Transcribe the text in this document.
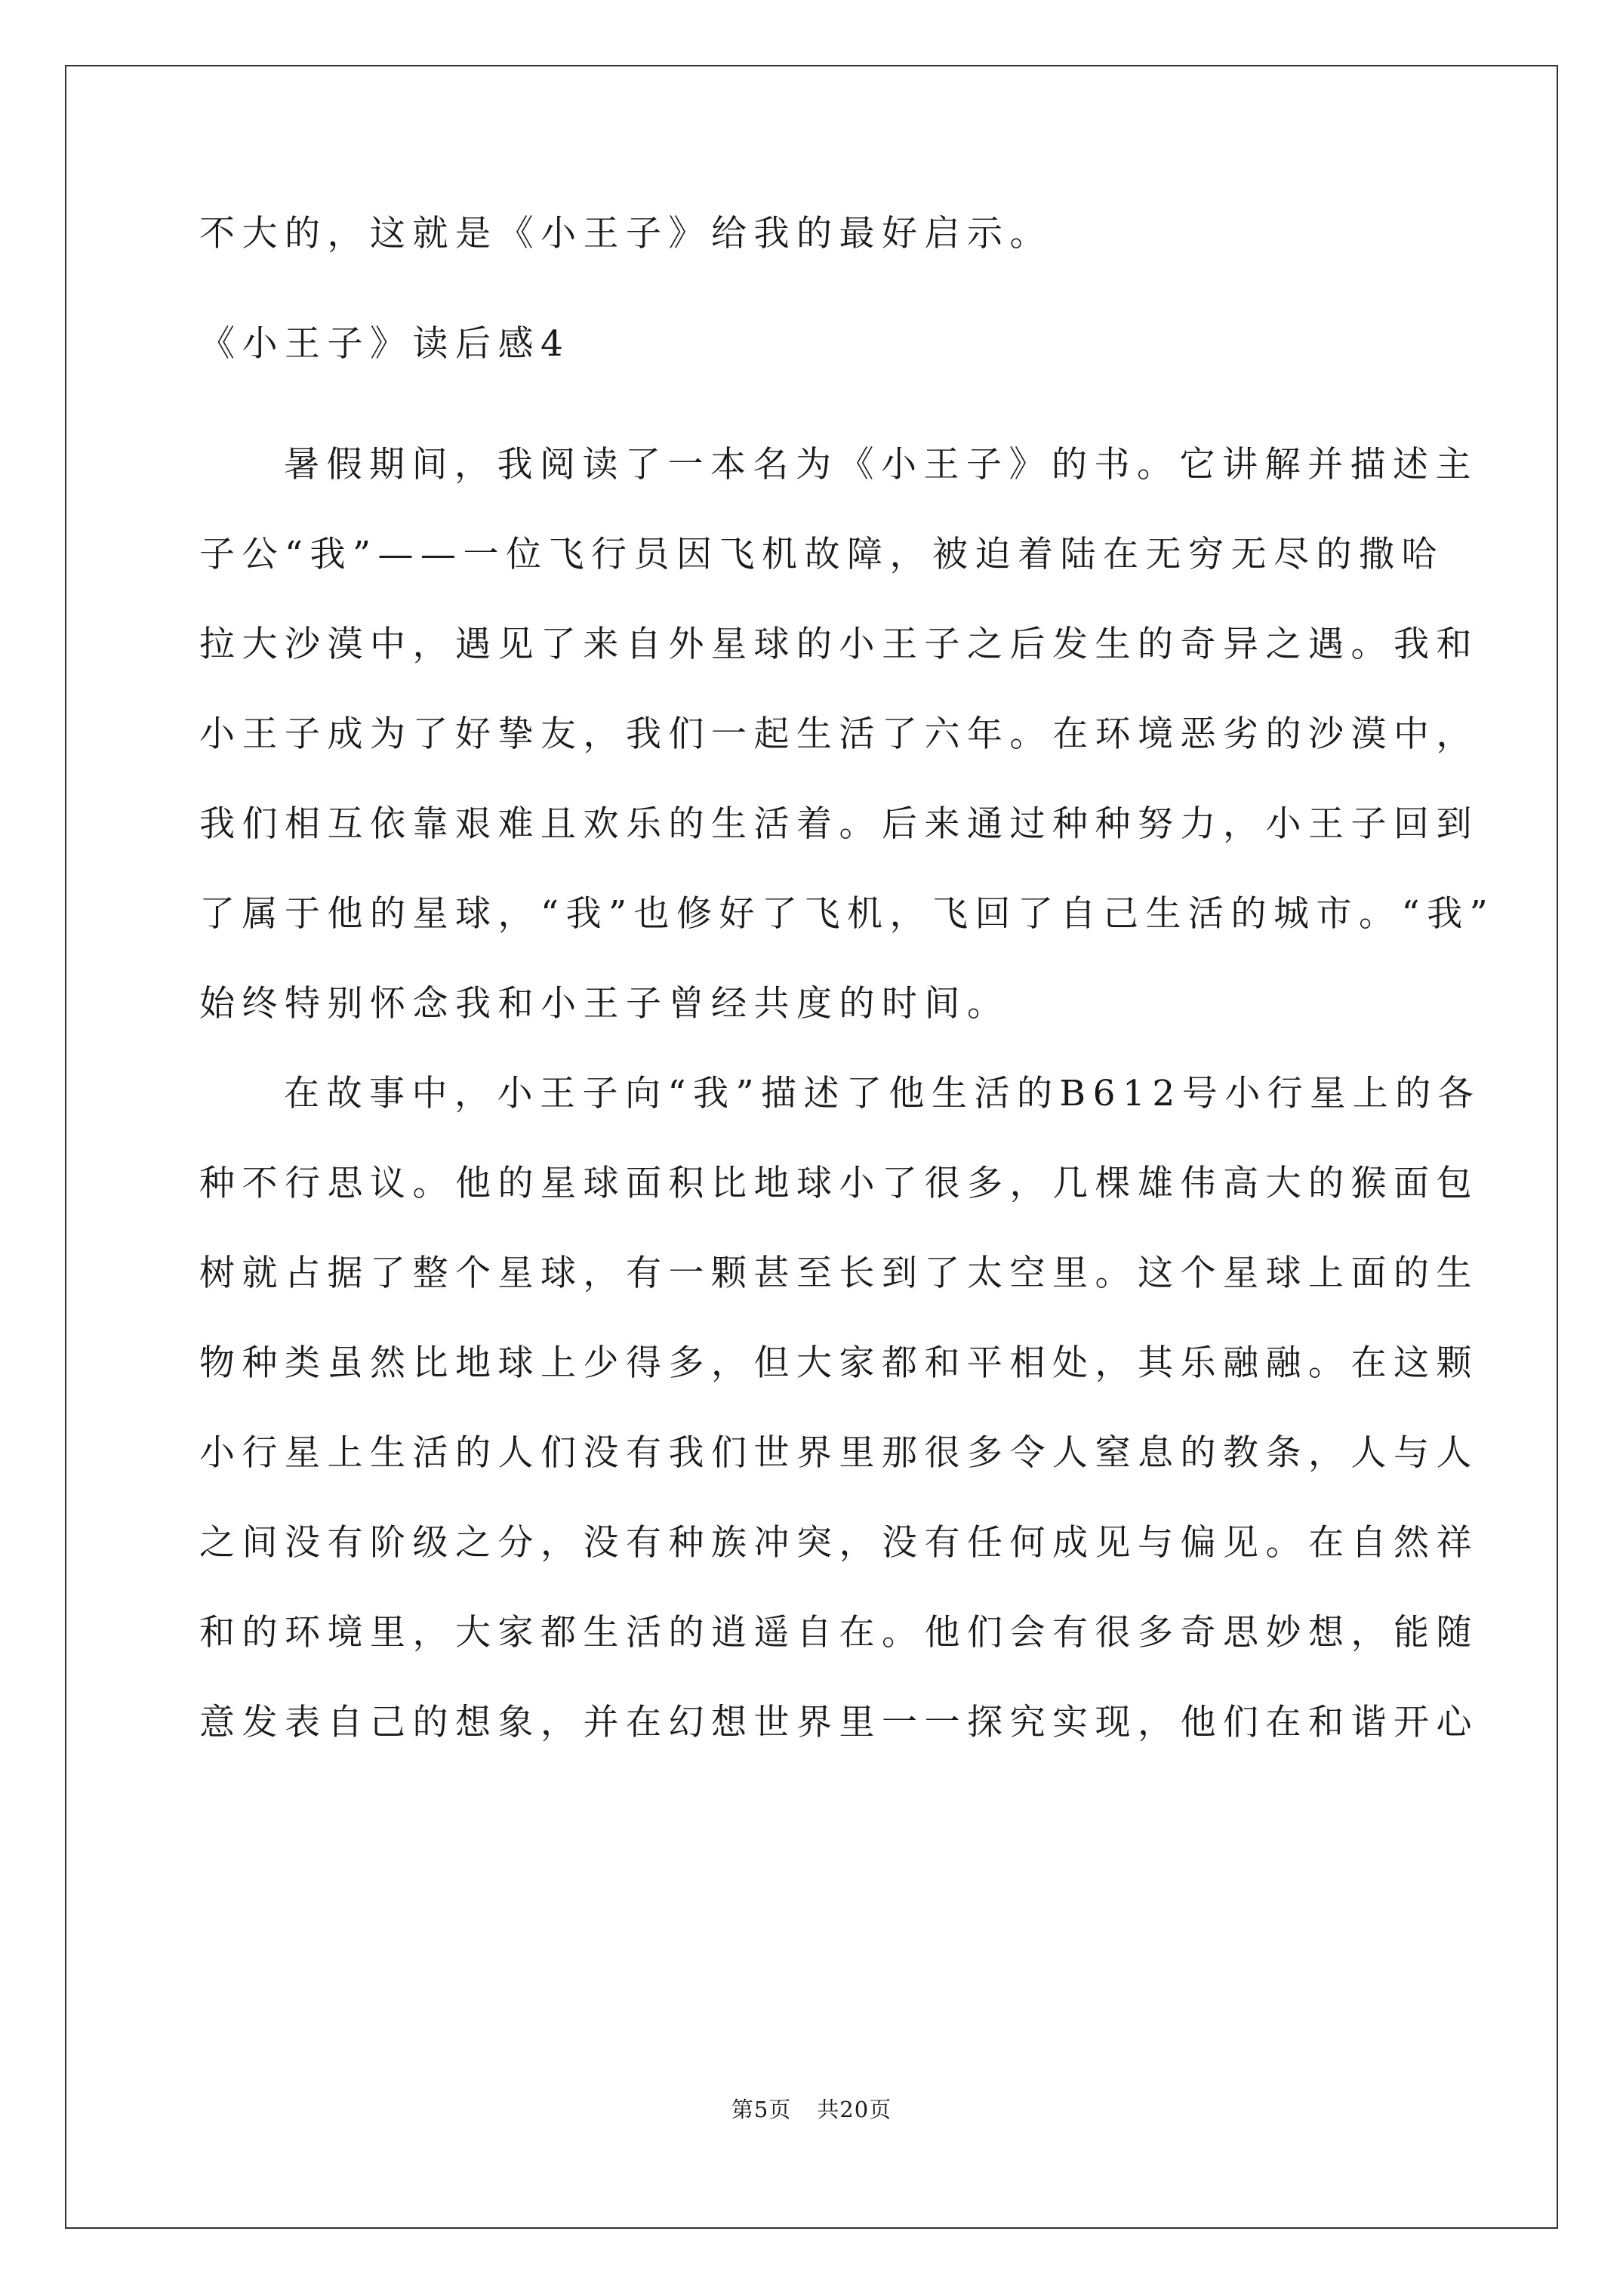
不大的，这就是《小王子》给我的最好启示。
《小王子》读后感4
暑假期间，我阅读了一本名为《小王子》的书。它讲解并描述主
子公“我”——一位飞行员因飞机故障，被迫着陆在无穷无尽的撒哈
拉大沙漠中，遇见了来自外星球的小王子之后发生的奇异之遇。我和
小王子成为了好挚友，我们一起生活了六年。在环境恶劣的沙漠中，
我们相互依靠艰难且欢乐的生活着。后来通过种种努力，小王子回到
了属于他的星球，“我”也修好了飞机，飞回了自己生活的城市。“我”
始终特别怀念我和小王子曾经共度的时间。
在故事中，小王子向“我”描述了他生活的B612号小行星上的各
种不行思议。他的星球面积比地球小了很多，几棵雄伟高大的猴面包
树就占据了整个星球，有一颗甚至长到了太空里。这个星球上面的生
物种类虽然比地球上少得多，但大家都和平相处，其乐融融。在这颗
小行星上生活的人们没有我们世界里那很多令人窒息的教条，人与人
之间没有阶级之分，没有种族冲突，没有任何成见与偏见。在自然祥
和的环境里，大家都生活的逍遥自在。他们会有很多奇思妙想，能随
意发表自己的想象，并在幻想世界里一一探究实现，他们在和谐开心
第5页 共20页
